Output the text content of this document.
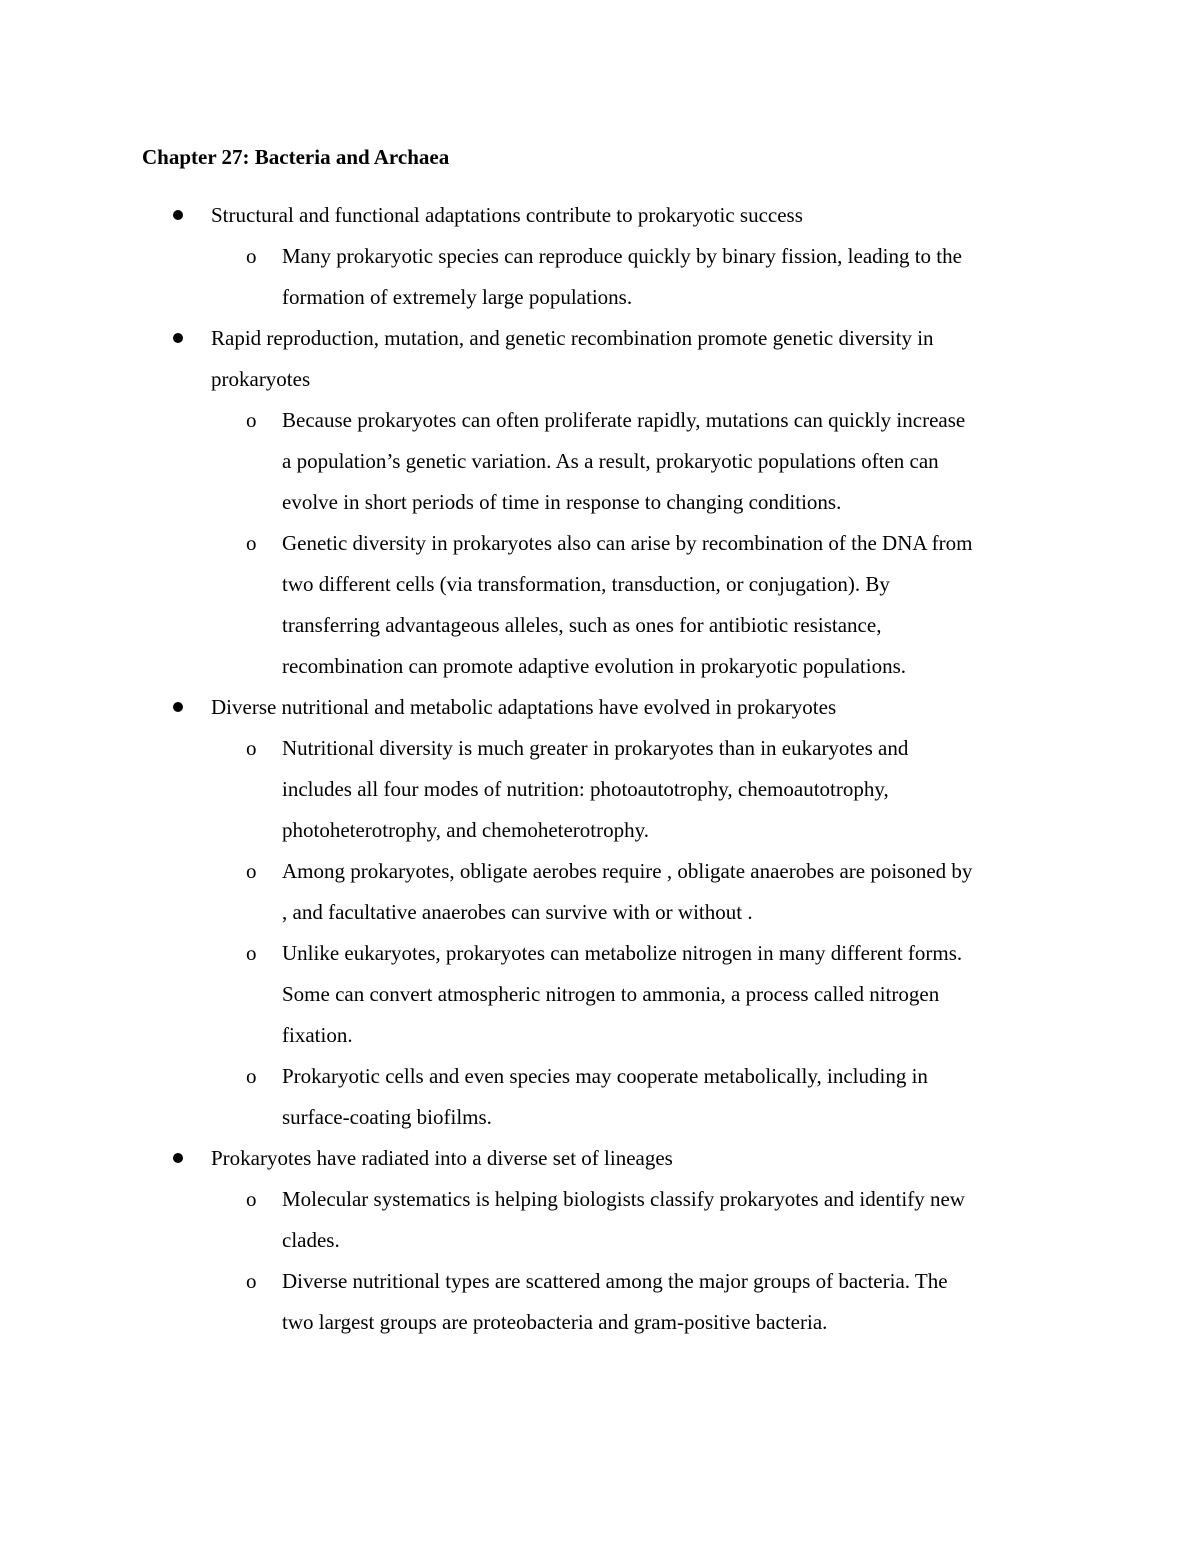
Chapter 27: Bacteria and Archaea
Structural and functional adaptations contribute to prokaryotic success
o Many prokaryotic species can reproduce quickly by binary fission, leading to the
formation of extremely large populations.
Rapid reproduction, mutation, and genetic recombination promote genetic diversity in
prokaryotes
o Because prokaryotes can often proliferate rapidly, mutations can quickly increase
a population’s genetic variation. As a result, prokaryotic populations often can
evolve in short periods of time in response to changing conditions.
o Genetic diversity in prokaryotes also can arise by recombination of the DNA from
two different cells (via transformation, transduction, or conjugation). By
transferring advantageous alleles, such as ones for antibiotic resistance,
recombination can promote adaptive evolution in prokaryotic populations.
Diverse nutritional and metabolic adaptations have evolved in prokaryotes
o Nutritional diversity is much greater in prokaryotes than in eukaryotes and
includes all four modes of nutrition: photoautotrophy, chemoautotrophy,
photoheterotrophy, and chemoheterotrophy.
o Among prokaryotes, obligate aerobes require , obligate anaerobes are poisoned by
, and facultative anaerobes can survive with or without .
o Unlike eukaryotes, prokaryotes can metabolize nitrogen in many different forms.
Some can convert atmospheric nitrogen to ammonia, a process called nitrogen
fixation.
o Prokaryotic cells and even species may cooperate metabolically, including in
surface-coating biofilms.
Prokaryotes have radiated into a diverse set of lineages
o Molecular systematics is helping biologists classify prokaryotes and identify new
clades.
o Diverse nutritional types are scattered among the major groups of bacteria. The
two largest groups are proteobacteria and gram-positive bacteria.
